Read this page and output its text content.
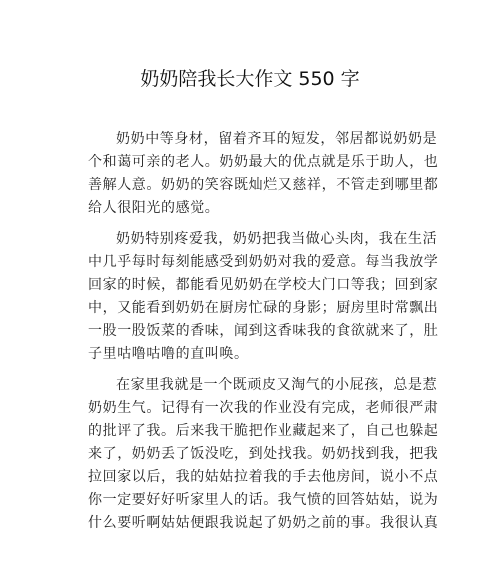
奶奶陪我长大作文 550 字
奶奶中等身材，留着齐耳的短发，邻居都说奶奶是
个和蔼可亲的老人。奶奶最大的优点就是乐于助人，也
善解人意。奶奶的笑容既灿烂又慈祥，不管走到哪里都
给人很阳光的感觉。
奶奶特别疼爱我，奶奶把我当做心头肉，我在生活
中几乎每时每刻能感受到奶奶对我的爱意。每当我放学
回家的时候，都能看见奶奶在学校大门口等我；回到家
中，又能看到奶奶在厨房忙碌的身影；厨房里时常飘出
一股一股饭菜的香味，闻到这香味我的食欲就来了，肚
子里咕噜咕噜的直叫唤。
在家里我就是一个既顽皮又淘气的小屁孩，总是惹
奶奶生气。记得有一次我的作业没有完成，老师很严肃
的批评了我。后来我干脆把作业藏起来了，自己也躲起
来了，奶奶丢了饭没吃，到处找我。奶奶找到我，把我
拉回家以后，我的姑姑拉着我的手去他房间，说小不点
你一定要好好听家里人的话。我气愤的回答姑姑，说为
什么要听啊姑姑便跟我说起了奶奶之前的事。我很认真
